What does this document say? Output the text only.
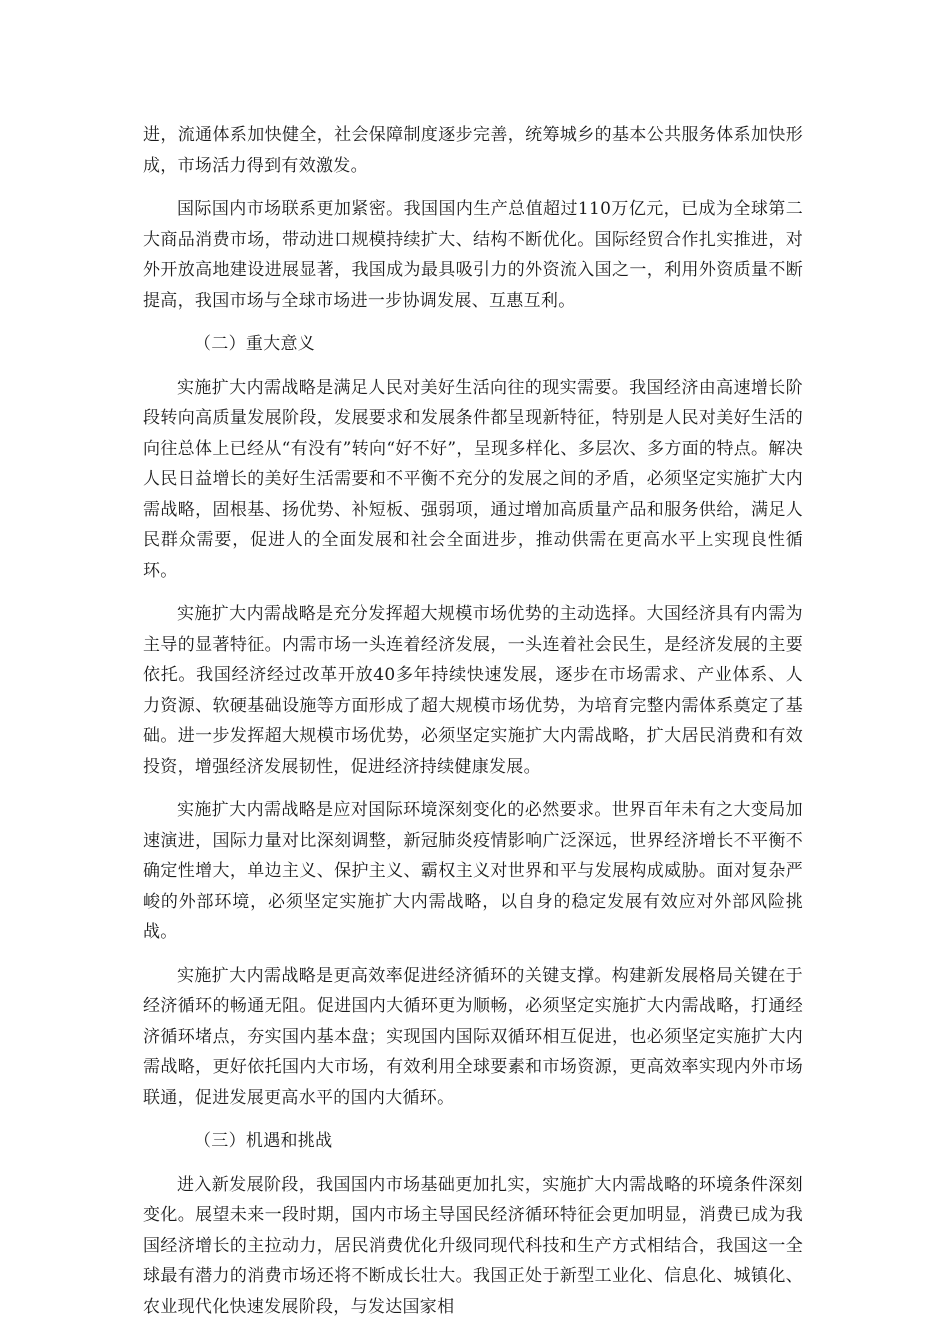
进，流通体系加快健全，社会保障制度逐步完善，统筹城乡的基本公共服务体系加快形成，市场活力得到有效激发。

国际国内市场联系更加紧密。我国国内生产总值超过110万亿元，已成为全球第二大商品消费市场，带动进口规模持续扩大、结构不断优化。国际经贸合作扎实推进，对外开放高地建设进展显著，我国成为最具吸引力的外资流入国之一，利用外资质量不断提高，我国市场与全球市场进一步协调发展、互惠互利。

（二）重大意义

实施扩大内需战略是满足人民对美好生活向往的现实需要。我国经济由高速增长阶段转向高质量发展阶段，发展要求和发展条件都呈现新特征，特别是人民对美好生活的向往总体上已经从“有没有”转向“好不好”，呈现多样化、多层次、多方面的特点。解决人民日益增长的美好生活需要和不平衡不充分的发展之间的矛盾，必须坚定实施扩大内需战略，固根基、扬优势、补短板、强弱项，通过增加高质量产品和服务供给，满足人民群众需要，促进人的全面发展和社会全面进步，推动供需在更高水平上实现良性循环。

实施扩大内需战略是充分发挥超大规模市场优势的主动选择。大国经济具有内需为主导的显著特征。内需市场一头连着经济发展，一头连着社会民生，是经济发展的主要依托。我国经济经过改革开放40多年持续快速发展，逐步在市场需求、产业体系、人力资源、软硬基础设施等方面形成了超大规模市场优势，为培育完整内需体系奠定了基础。进一步发挥超大规模市场优势，必须坚定实施扩大内需战略，扩大居民消费和有效投资，增强经济发展韧性，促进经济持续健康发展。

实施扩大内需战略是应对国际环境深刻变化的必然要求。世界百年未有之大变局加速演进，国际力量对比深刻调整，新冠肺炎疫情影响广泛深远，世界经济增长不平衡不确定性增大，单边主义、保护主义、霸权主义对世界和平与发展构成威胁。面对复杂严峻的外部环境，必须坚定实施扩大内需战略，以自身的稳定发展有效应对外部风险挑战。

实施扩大内需战略是更高效率促进经济循环的关键支撑。构建新发展格局关键在于经济循环的畅通无阻。促进国内大循环更为顺畅，必须坚定实施扩大内需战略，打通经济循环堵点，夯实国内基本盘；实现国内国际双循环相互促进，也必须坚定实施扩大内需战略，更好依托国内大市场，有效利用全球要素和市场资源，更高效率实现内外市场联通，促进发展更高水平的国内大循环。

（三）机遇和挑战

进入新发展阶段，我国国内市场基础更加扎实，实施扩大内需战略的环境条件深刻变化。展望未来一段时期，国内市场主导国民经济循环特征会更加明显，消费已成为我国经济增长的主拉动力，居民消费优化升级同现代科技和生产方式相结合，我国这一全球最有潜力的消费市场还将不断成长壮大。我国正处于新型工业化、信息化、城镇化、农业现代化快速发展阶段，与发达国家相
